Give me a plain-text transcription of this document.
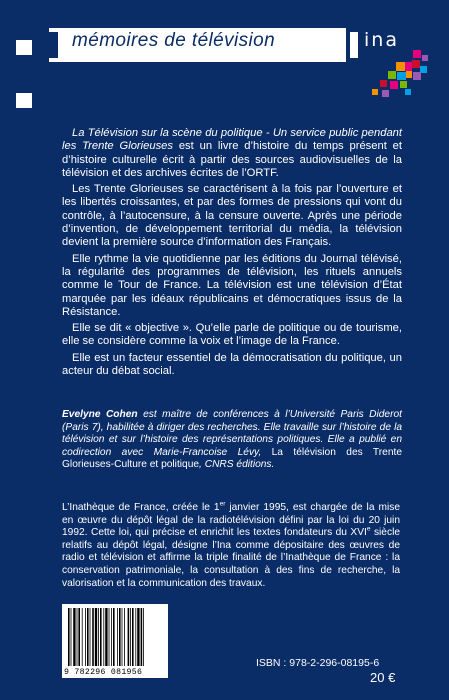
mémoires de télévision	ina

La Télévision sur la scène du politique - Un service public pendant les Trente Glorieuses est un livre d’histoire du temps présent et d’histoire culturelle écrit à partir des sources audiovisuelles de la télévision et des archives écrites de l’ORTF.

Les Trente Glorieuses se caractérisent à la fois par l’ouverture et les libertés croissantes, et par des formes de pressions qui vont du contrôle, à l’autocensure, à la censure ouverte. Après une période d’invention, de développement territorial du média, la télévision devient la première source d’information des Français.

Elle rythme la vie quotidienne par les éditions du Journal télévisé, la régularité des programmes de télévision, les rituels annuels comme le Tour de France. La télévision est une télévision d’État marquée par les idéaux républicains et démocratiques issus de la Résistance.

Elle se dit « objective ». Qu’elle parle de politique ou de tourisme, elle se considère comme la voix et l’image de la France.

Elle est un facteur essentiel de la démocratisation du politique, un acteur du débat social.

Evelyne Cohen est maître de conférences à l’Université Paris Diderot (Paris 7), habilitée à diriger des recherches. Elle travaille sur l’histoire de la télévision et sur l’histoire des représentations politiques. Elle a publié en codirection avec Marie-Francoise Lévy, La télévision des Trente Glorieuses-Culture et politique, CNRS éditions.

L’Inathèque de France, créée le 1er janvier 1995, est chargée de la mise en œuvre du dépôt légal de la radiotélévision défini par la loi du 20 juin 1992. Cette loi, qui précise et enrichit les textes fondateurs du XVIe siècle relatifs au dépôt légal, désigne l’Ina comme dépositaire des œuvres de radio et télévision et affirme la triple finalité de l’Inathèque de France : la conservation patrimoniale, la consultation à des fins de recherche, la valorisation et la communication des travaux.

9 782296 081956
ISBN : 978-2-296-08195-6
20 €
